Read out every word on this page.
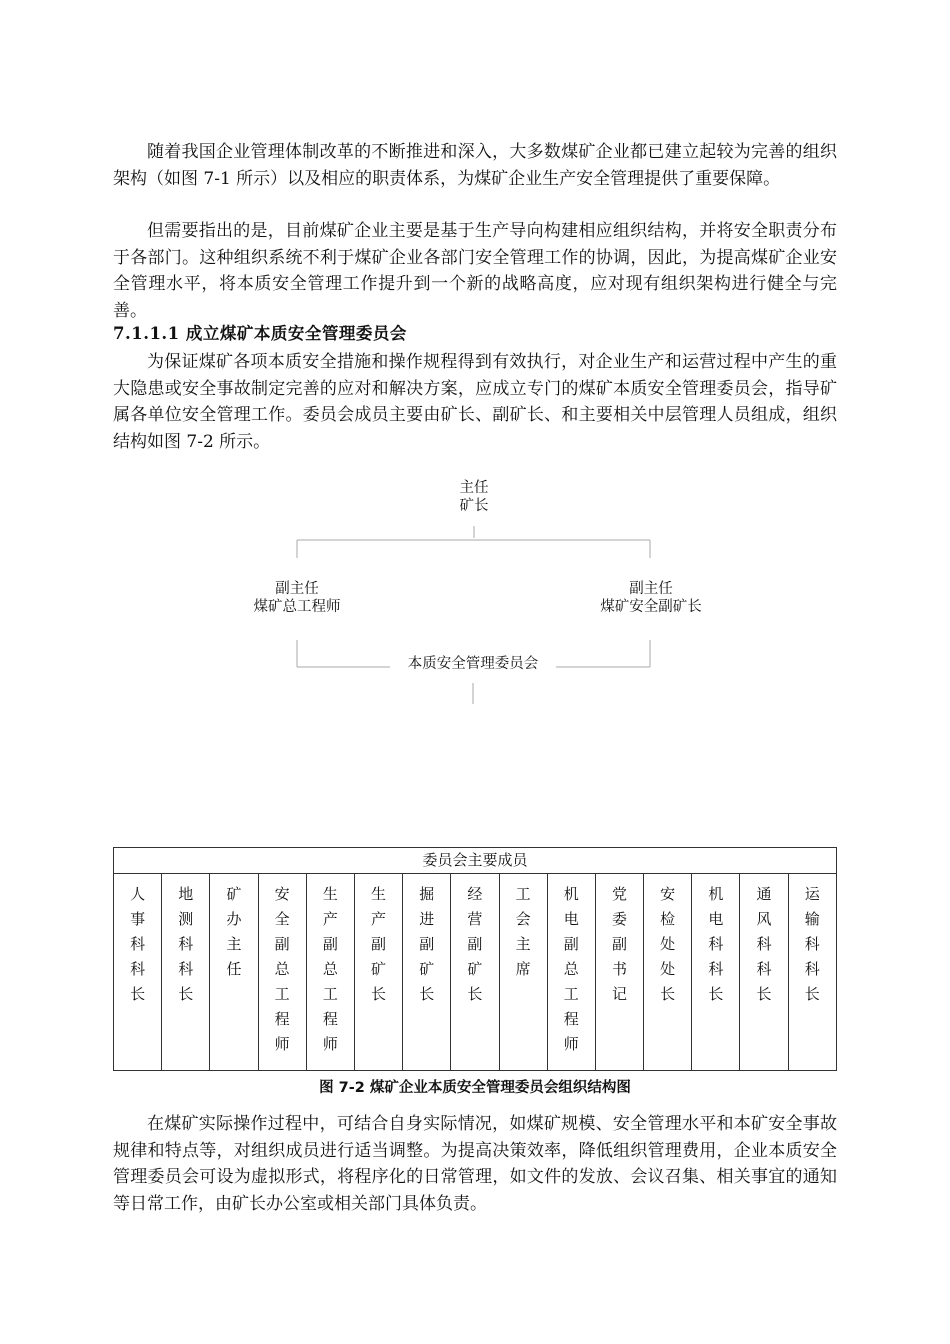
随着我国企业管理体制改革的不断推进和深入，大多数煤矿企业都已建立起较为完善的组织架构（如图 7-1 所示）以及相应的职责体系，为煤矿企业生产安全管理提供了重要保障。

但需要指出的是，目前煤矿企业主要是基于生产导向构建相应组织结构，并将安全职责分布于各部门。这种组织系统不利于煤矿企业各部门安全管理工作的协调，因此，为提高煤矿企业安全管理水平，将本质安全管理工作提升到一个新的战略高度，应对现有组织架构进行健全与完善。

7.1.1.1 成立煤矿本质安全管理委员会

为保证煤矿各项本质安全措施和操作规程得到有效执行，对企业生产和运营过程中产生的重大隐患或安全事故制定完善的应对和解决方案，应成立专门的煤矿本质安全管理委员会，指导矿属各单位安全管理工作。委员会成员主要由矿长、副矿长、和主要相关中层管理人员组成，组织结构如图 7-2 所示。

主任
矿长
副主任
煤矿总工程师
副主任
煤矿安全副矿长
本质安全管理委员会
委员会主要成员
人事科科长	地测科科长	矿办主任	安全副总工程师	生产副总工程师	生产副矿长	掘进副矿长	经营副矿长	工会主席	机电副总工程师	党委副书记	安检处处长	机电科科长	通风科科长	运输科科长

图 7-2 煤矿企业本质安全管理委员会组织结构图

在煤矿实际操作过程中，可结合自身实际情况，如煤矿规模、安全管理水平和本矿安全事故规律和特点等，对组织成员进行适当调整。为提高决策效率，降低组织管理费用，企业本质安全管理委员会可设为虚拟形式，将程序化的日常管理，如文件的发放、会议召集、相关事宜的通知等日常工作，由矿长办公室或相关部门具体负责。
